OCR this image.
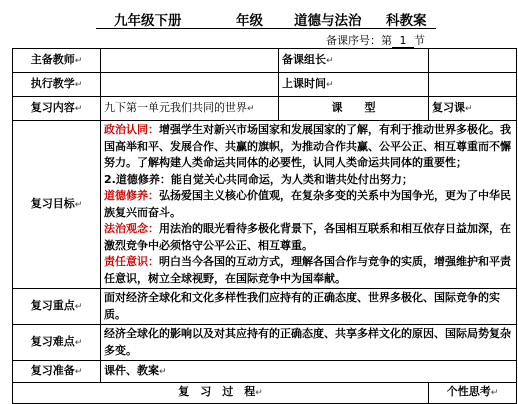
九年级下册	年级 道德与法治 科教案
备课序号：第 1 节
主备教师↵		备课组长↵	
执行教学↵		上课时间↵	
复习内容↵	九下第一单元我们共同的世界↵	课　　型	复习课↵
复习目标↵	政治认同：增强学生对新兴市场国家和发展国家的了解，有利于推动世界多极化。我国高举和平、发展合作、共赢的旗帜，为推动合作共赢、公平公正、相互尊重而不懈努力。了解构建人类命运共同体的必要性，认同人类命运共同体的重要性；

2.道德修养：能自觉关心共同命运，为人类和谐共处付出努力；

道德修养：弘扬爱国主义核心价值观，在复杂多变的关系中为国争光，更为了中华民族复兴而奋斗。

法治观念：用法治的眼光看待多极化背景下，各国相互联系和相互依存日益加深，在激烈竞争中必须恪守公平公正、相互尊重。

责任意识：明白当今各国的互动方式，理解各国合作与竞争的实质，增强维护和平责任意识，树立全球视野，在国际竞争中为国奉献。		

复习重点↵	面对经济全球化和文化多样性我们应持有的正确态度、世界多极化、国际竞争的实质。		
复习难点↵	经济全球化的影响以及对其应持有的正确态度、共享多样文化的原因、国际局势复杂多变。		
复习准备↵	课件、教案↵		
复　习　过　程↵			个性思考↵
